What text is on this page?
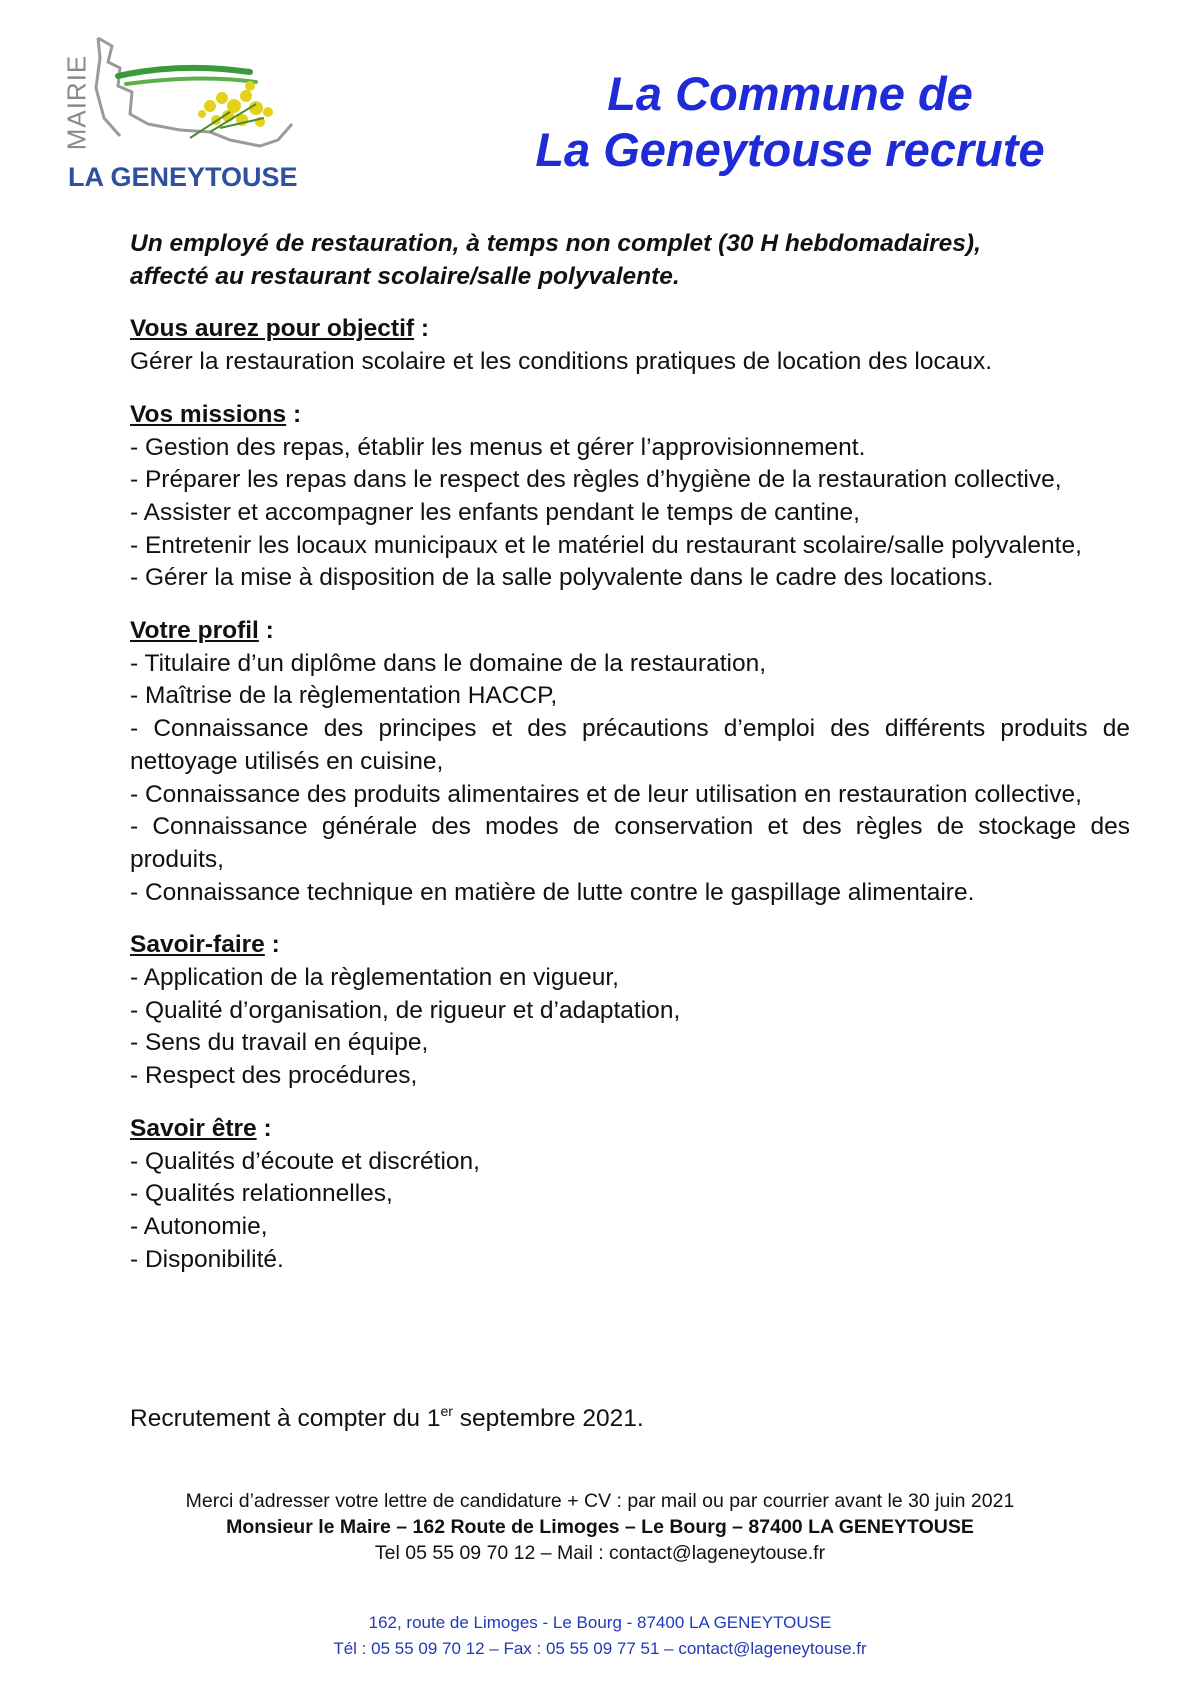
MAIRIE
LA GENEYTOUSE
La Commune de
La Geneytouse recrute
Un employé de restauration, à temps non complet (30 H hebdomadaires),
affecté au restaurant scolaire/salle polyvalente.
Vous aurez pour objectif :
Gérer la restauration scolaire et les conditions pratiques de location des locaux.
Vos missions :
- Gestion des repas, établir les menus et gérer l’approvisionnement.
- Préparer les repas dans le respect des règles d’hygiène de la restauration collective,
- Assister et accompagner les enfants pendant le temps de cantine,
- Entretenir les locaux municipaux et le matériel du restaurant scolaire/salle polyvalente,
- Gérer la mise à disposition de la salle polyvalente dans le cadre des locations.
Votre profil :
- Titulaire d’un diplôme dans le domaine de la restauration,
- Maîtrise de la règlementation HACCP,
- Connaissance des principes et des précautions d’emploi des différents produits de nettoyage utilisés en cuisine,
- Connaissance des produits alimentaires et de leur utilisation en restauration collective,
- Connaissance générale des modes de conservation et des règles de stockage des produits,
- Connaissance technique en matière de lutte contre le gaspillage alimentaire.
Savoir-faire :
- Application de la règlementation en vigueur,
- Qualité d’organisation, de rigueur et d’adaptation,
- Sens du travail en équipe,
- Respect des procédures,
Savoir être :
- Qualités d’écoute et discrétion,
- Qualités relationnelles,
- Autonomie,
- Disponibilité.
Recrutement à compter du 1er septembre 2021.
Merci d’adresser votre lettre de candidature + CV : par mail ou par courrier avant le 30 juin 2021
Monsieur le Maire – 162 Route de Limoges – Le Bourg – 87400 LA GENEYTOUSE
Tel 05 55 09 70 12 – Mail : contact@lageneytouse.fr
162, route de Limoges - Le Bourg - 87400 LA GENEYTOUSE
Tél : 05 55 09 70 12 – Fax : 05 55 09 77 51 – contact@lageneytouse.fr
